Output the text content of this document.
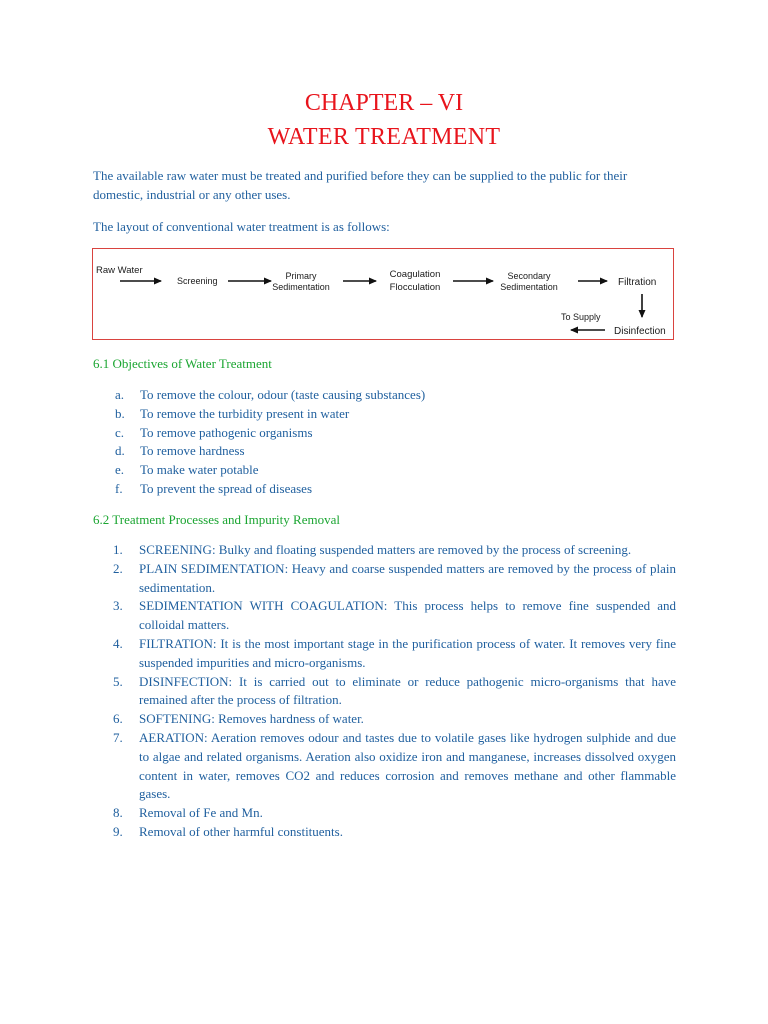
CHAPTER – VI
WATER TREATMENT
The available raw water must be treated and purified before they can be supplied to the public for their domestic, industrial or any other uses.
The layout of conventional water treatment is as follows:
Raw Water
Screening	Primary
Sedimentation
Coagulation
Flocculation
Secondary
Sedimentation	Filtration
To Supply
Disinfection
6.1 Objectives of Water Treatment
a. To remove the colour, odour (taste causing substances)
b. To remove the turbidity present in water
c. To remove pathogenic organisms
d. To remove hardness
e. To make water potable
f. To prevent the spread of diseases
6.2 Treatment Processes and Impurity Removal
1. SCREENING: Bulky and floating suspended matters are removed by the process of screening.
2. PLAIN SEDIMENTATION: Heavy and coarse suspended matters are removed by the process of plain sedimentation.
3. SEDIMENTATION WITH COAGULATION: This process helps to remove fine suspended and colloidal matters.
4. FILTRATION: It is the most important stage in the purification process of water. It removes very fine suspended impurities and micro-organisms.
5. DISINFECTION: It is carried out to eliminate or reduce pathogenic micro-organisms that have remained after the process of filtration.
6. SOFTENING: Removes hardness of water.
7. AERATION: Aeration removes odour and tastes due to volatile gases like hydrogen sulphide and due to algae and related organisms. Aeration also oxidize iron and manganese, increases dissolved oxygen content in water, removes CO2 and reduces corrosion and removes methane and other flammable gases.
8. Removal of Fe and Mn.
9. Removal of other harmful constituents.
